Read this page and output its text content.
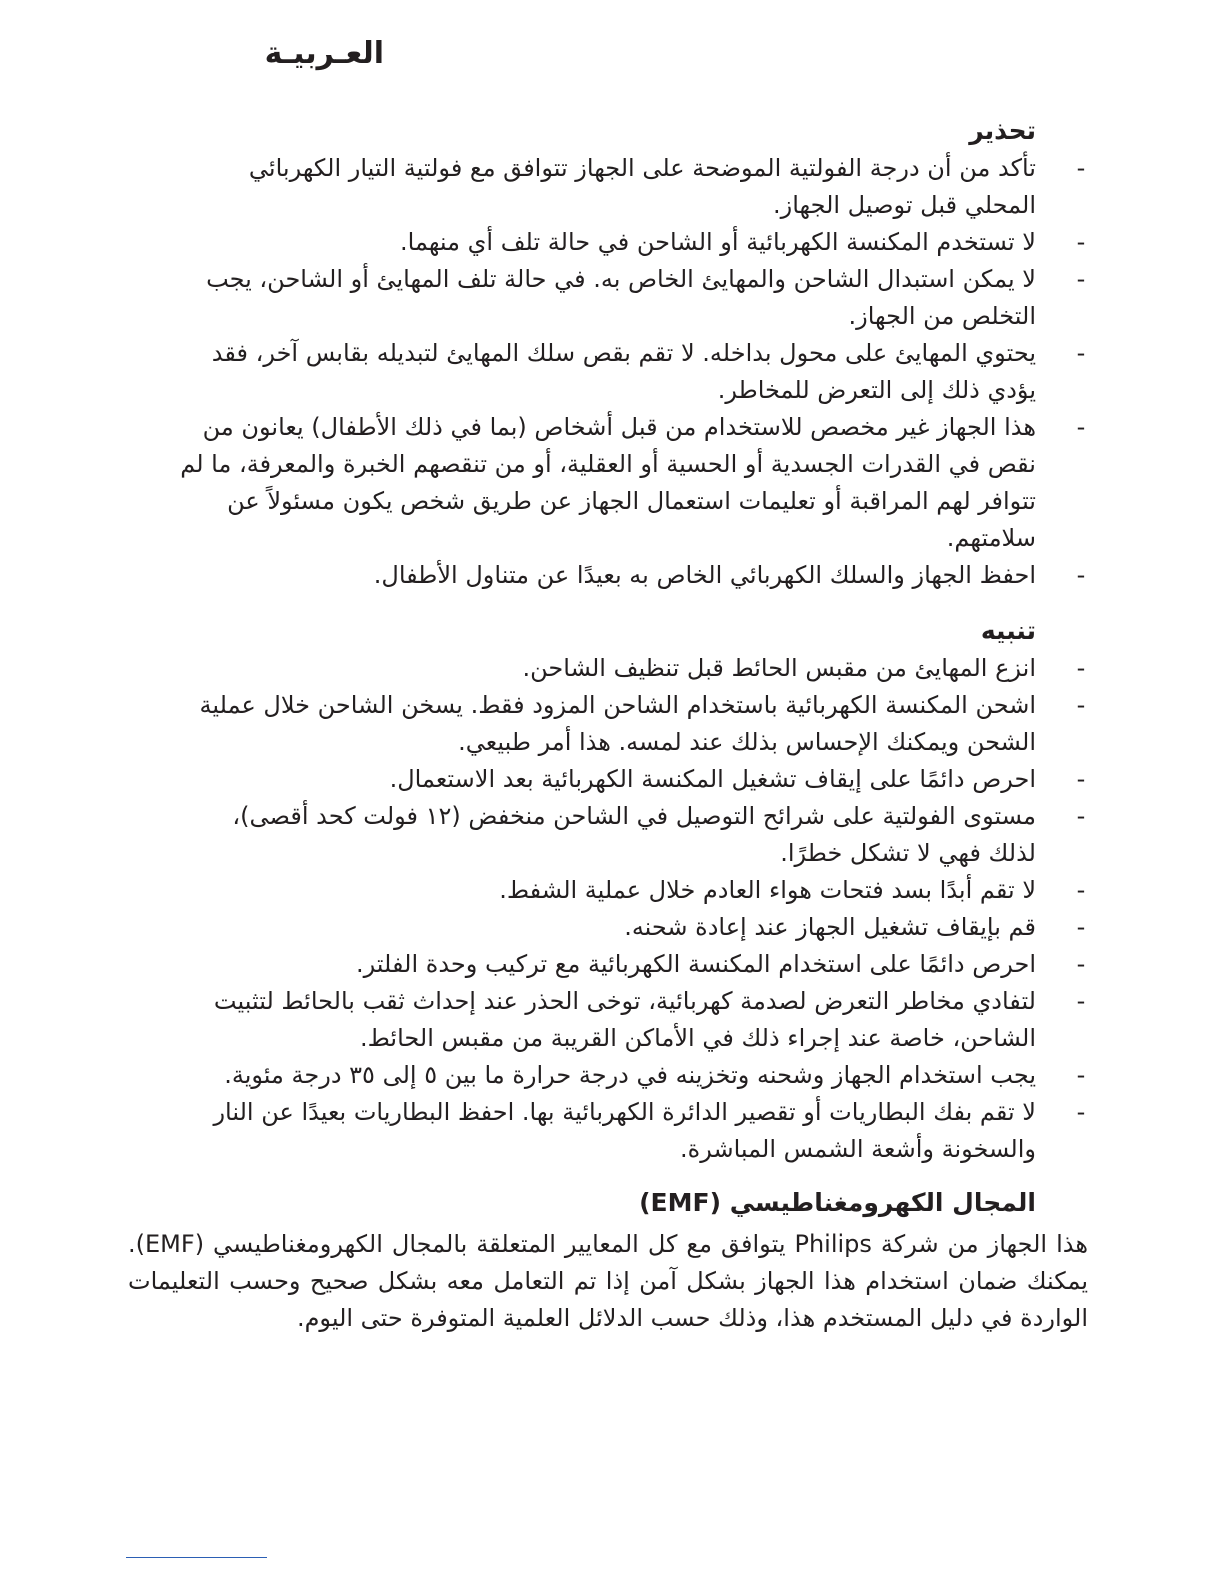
العـربيـة
تحذير
-
تأكد من أن درجة الفولتية الموضحة على الجهاز تتوافق مع فولتية التيار الكهربائي المحلي قبل توصيل الجهاز.
-
لا تستخدم المكنسة الكهربائية أو الشاحن في حالة تلف أي منهما.
-
لا يمكن استبدال الشاحن والمهايئ الخاص به. في حالة تلف المهايئ أو الشاحن، يجب التخلص من الجهاز.
-
يحتوي المهايئ على محول بداخله. لا تقم بقص سلك المهايئ لتبديله بقابس آخر، فقد يؤدي ذلك إلى التعرض للمخاطر.
-
هذا الجهاز غير مخصص للاستخدام من قبل أشخاص (بما في ذلك الأطفال) يعانون من نقص في القدرات الجسدية أو الحسية أو العقلية، أو من تنقصهم الخبرة والمعرفة، ما لم تتوافر لهم المراقبة أو تعليمات استعمال الجهاز عن طريق شخص يكون مسئولاً عن سلامتهم.
-
احفظ الجهاز والسلك الكهربائي الخاص به بعيدًا عن متناول الأطفال.
تنبيه
-
انزع المهايئ من مقبس الحائط قبل تنظيف الشاحن.
-
اشحن المكنسة الكهربائية باستخدام الشاحن المزود فقط. يسخن الشاحن خلال عملية الشحن ويمكنك الإحساس بذلك عند لمسه. هذا أمر طبيعي.
-
احرص دائمًا على إيقاف تشغيل المكنسة الكهربائية بعد الاستعمال.
-
مستوى الفولتية على شرائح التوصيل في الشاحن منخفض (١٢ فولت كحد أقصى)، لذلك فهي لا تشكل خطرًا.
-
لا تقم أبدًا بسد فتحات هواء العادم خلال عملية الشفط.
-
قم بإيقاف تشغيل الجهاز عند إعادة شحنه.
-
احرص دائمًا على استخدام المكنسة الكهربائية مع تركيب وحدة الفلتر.
-
لتفادي مخاطر التعرض لصدمة كهربائية، توخى الحذر عند إحداث ثقب بالحائط لتثبيت الشاحن، خاصة عند إجراء ذلك في الأماكن القريبة من مقبس الحائط.
-
يجب استخدام الجهاز وشحنه وتخزينه في درجة حرارة ما بين ٥ إلى ٣٥ درجة مئوية.
-
لا تقم بفك البطاريات أو تقصير الدائرة الكهربائية بها. احفظ البطاريات بعيدًا عن النار والسخونة وأشعة الشمس المباشرة.
المجال الكهرومغناطيسي (EMF)

هذا الجهاز من شركة Philips يتوافق مع كل المعايير المتعلقة بالمجال الكهرومغناطيسي (EMF). يمكنك ضمان استخدام هذا الجهاز بشكل آمن إذا تم التعامل معه بشكل صحيح وحسب التعليمات الواردة في دليل المستخدم هذا، وذلك حسب الدلائل العلمية المتوفرة حتى اليوم.
